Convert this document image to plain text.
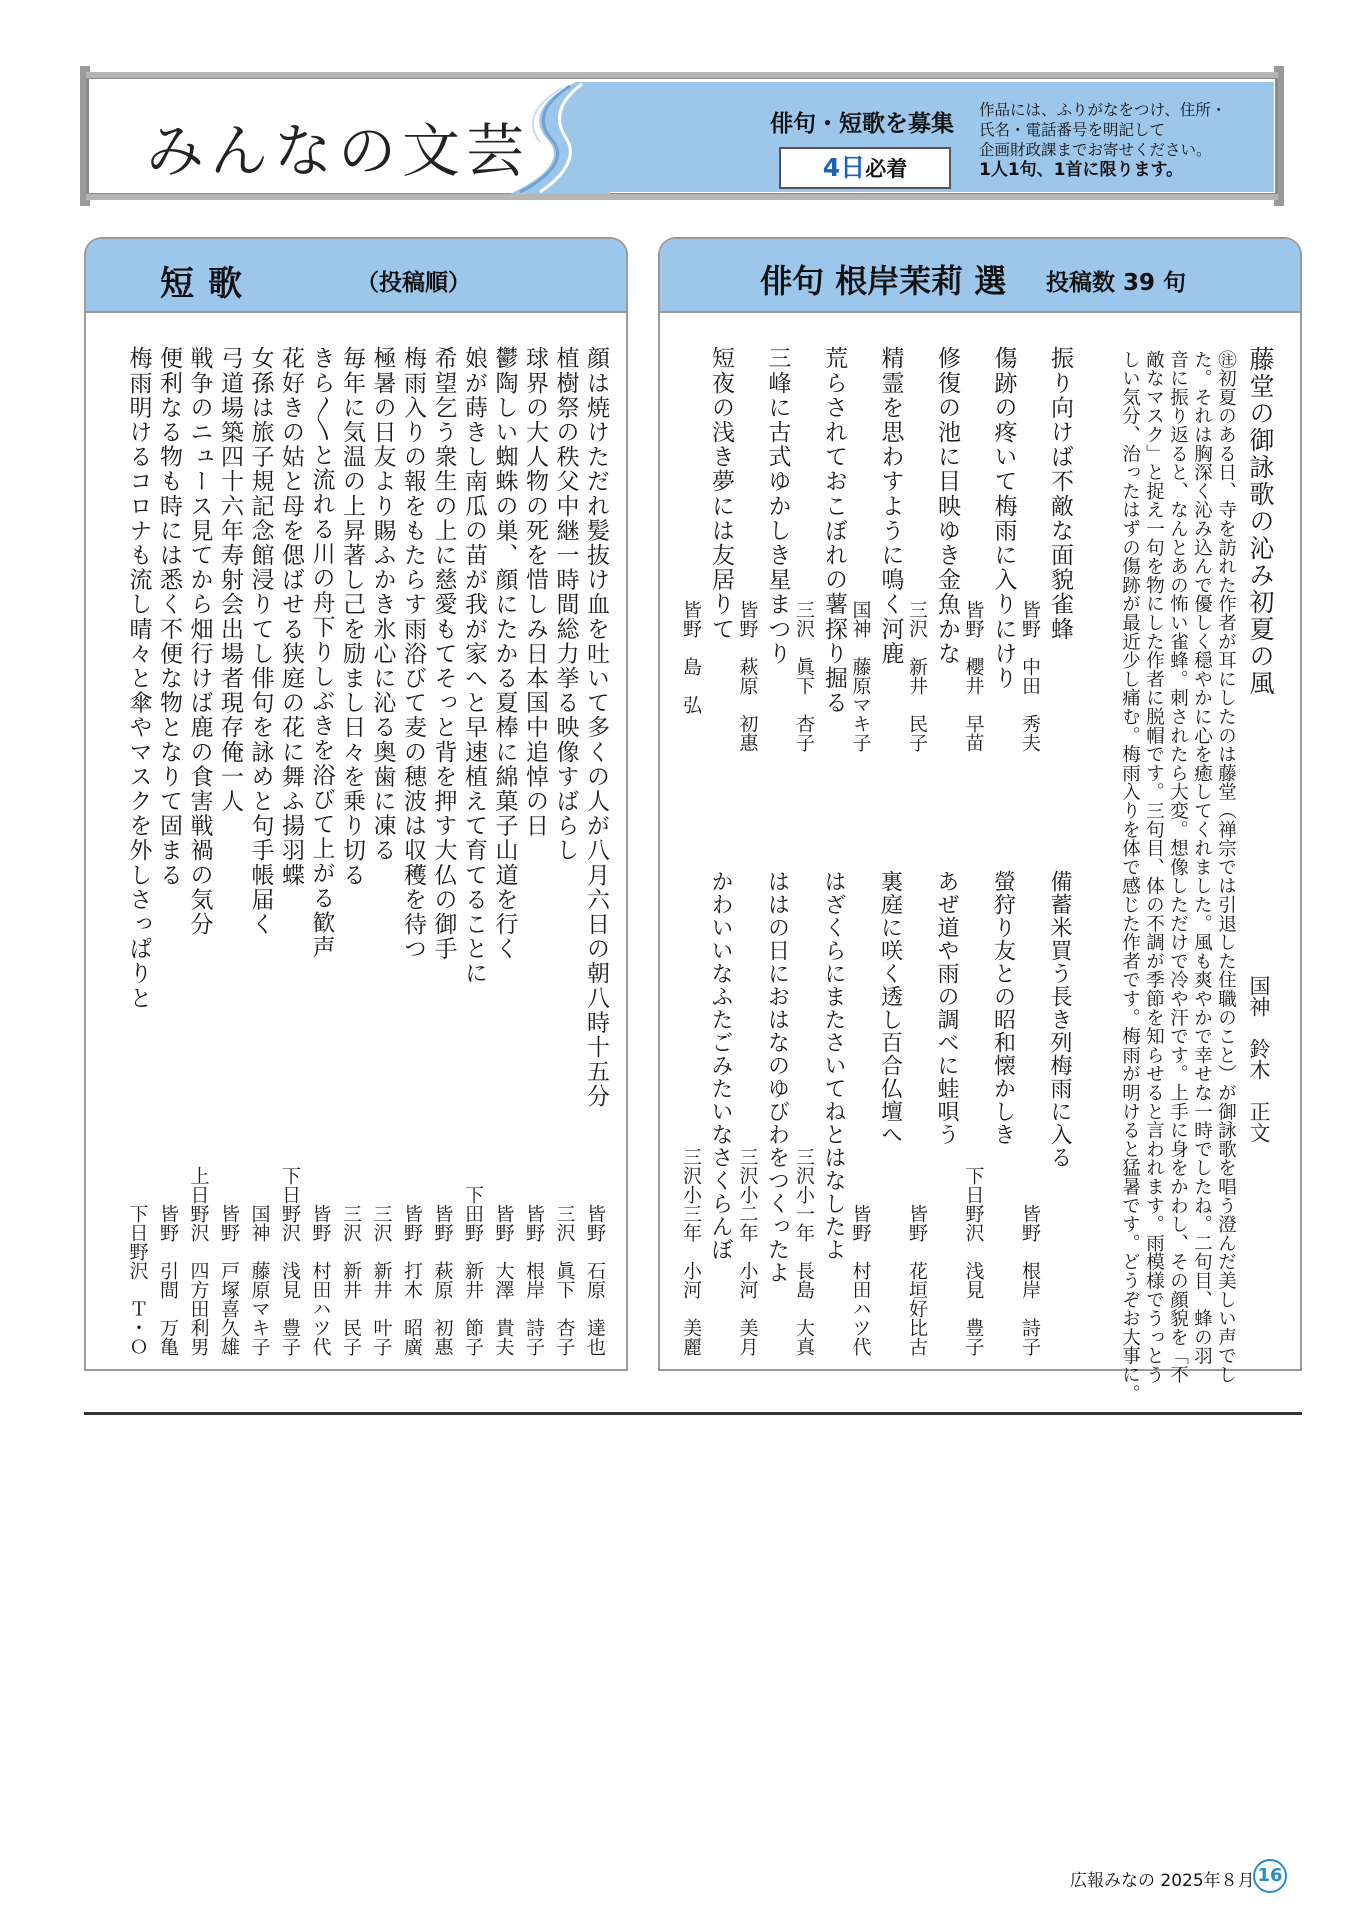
みんなの文芸	俳句・短歌を募集
4日必着
作品には、ふりがなをつけ、住所・
氏名・電話番号を明記して
企画財政課までお寄せください。
1人1句、1首に限ります。
短歌	（投稿順）
顔は焼けただれ髪抜け血を吐いて多くの人が八月六日の朝八時十五分
皆野　石原　達也
植樹祭の秩父中継一時間総力挙る映像すばらし
三沢　眞下　杏子
球界の大人物の死を惜しみ日本国中追悼の日
皆野　根岸　詩子
鬱陶しい蜘蛛の巣、顔にたかる夏棒に綿菓子山道を行く
皆野　大澤　貴夫
娘が蒔きし南瓜の苗が我が家へと早速植えて育てることに
下田野　新井　節子
希望乞う衆生の上に慈愛もてそっと背を押す大仏の御手
皆野　萩原　初惠
梅雨入りの報をもたらす雨浴びて麦の穂波は収穫を待つ
皆野　打木　昭廣
極暑の日友より賜ふかき氷心に沁る奥歯に凍る
三沢　新井　叶子
毎年に気温の上昇著し己を励まし日々を乗り切る
三沢　新井　民子
きら〳〵と流れる川の舟下りしぶきを浴びて上がる歓声
皆野　村田ハツ代
花好きの姑と母を偲ばせる狭庭の花に舞ふ揚羽蝶
下日野沢　浅見　豊子
女孫は旅子規記念館浸りてし俳句を詠めと句手帳届く
国神　藤原マキ子
弓道場築四十六年寿射会出場者現存俺一人
皆野　戸塚喜久雄
戦争のニュース見てから畑行けば鹿の食害戦禍の気分
上日野沢　四方田利男
便利なる物も時には悉く不便な物となりて固まる
皆野　引間　万亀
梅雨明けるコロナも流し晴々と傘やマスクを外しさっぱりと
下日野沢　Ｔ・Ｏ
俳句 根岸茉莉 選 投稿数 39 句
藤堂の御詠歌の沁み初夏の風
国神　鈴木　正文
㊟初夏のある日、寺を訪れた作者が耳にしたのは藤堂（禅宗では引退した住職のこと）が御詠歌を唱う澄んだ美しい声でし
た。それは胸深く沁み込んで優しく穏やかに心を癒してくれました。風も爽やかで幸せな一時でしたね。二句目、蜂の羽
音に振り返ると、なんとあの怖い雀蜂。刺されたら大変。想像しただけで冷や汗です。上手に身をかわし、その顔貌を「不
敵なマスク」と捉え一句を物にした作者に脱帽です。三句目、体の不調が季節を知らせると言われます。雨模様でうっとう
しい気分、治ったはずの傷跡が最近少し痛む。梅雨入りを体で感じた作者です。梅雨が明けると猛暑です。どうぞお大事に。
振り向けば不敵な面貌雀蜂
皆野　中田　秀夫
傷跡の疼いて梅雨に入りにけり
皆野　櫻井　早苗
修復の池に目映ゆき金魚かな
三沢　新井　民子
精霊を思わすように鳴く河鹿
国神　藤原マキ子
荒らされておこぼれの薯探り掘る
三沢　眞下　杏子
三峰に古式ゆかしき星まつり
皆野　萩原　初惠
短夜の浅き夢には友居りて
皆野　島　弘
備蓄米買う長き列梅雨に入る
皆野　根岸　詩子
螢狩り友との昭和懐かしき
下日野沢　浅見　豊子
あぜ道や雨の調べに蛙唄う
皆野　花垣好比古
裏庭に咲く透し百合仏壇へ
皆野　村田ハツ代
はざくらにまたさいてねとはなしたよ
三沢小一年　長島　大真
ははの日におはなのゆびわをつくったよ
三沢小二年　小河　美月
かわいいなふたごみたいなさくらんぼ
三沢小三年　小河　美麗
広報みなの 2025年８月 16
